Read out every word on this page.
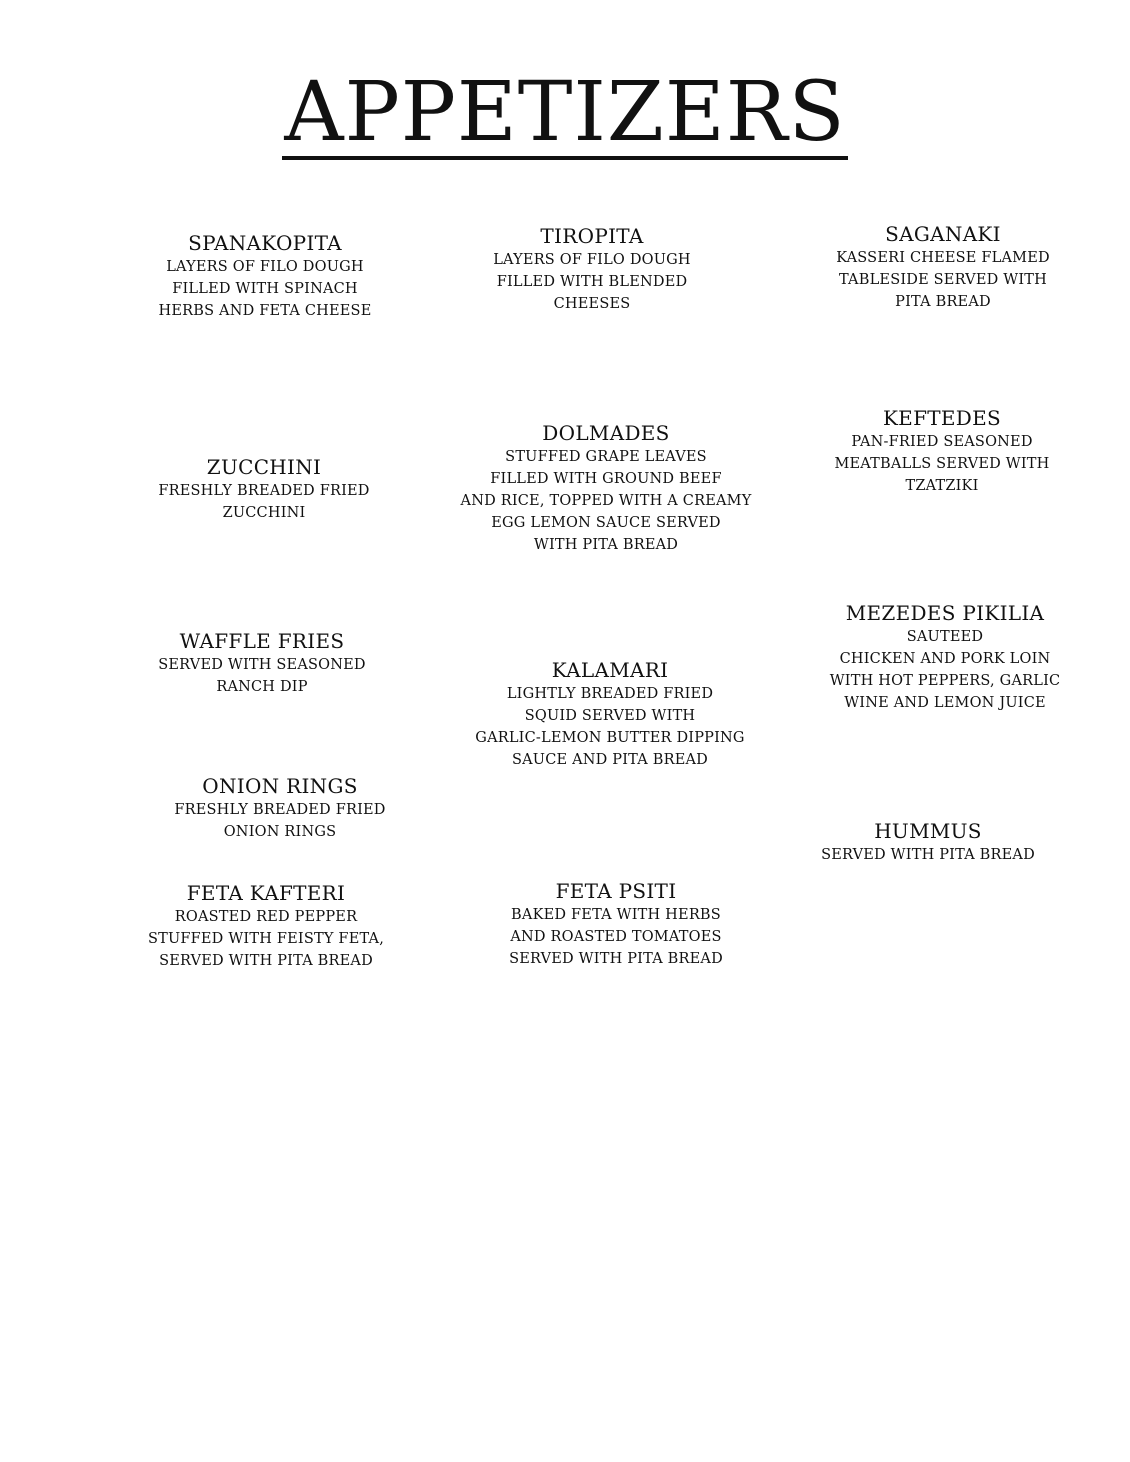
APPETIZERS
SPANAKOPITA
LAYERS OF FILO DOUGH
FILLED WITH SPINACH
HERBS AND FETA CHEESE
TIROPITA
LAYERS OF FILO DOUGH
FILLED WITH BLENDED
CHEESES
SAGANAKI
KASSERI CHEESE FLAMED
TABLESIDE SERVED WITH
PITA BREAD
ZUCCHINI
FRESHLY BREADED FRIED
ZUCCHINI
DOLMADES
STUFFED GRAPE LEAVES
FILLED WITH GROUND BEEF
AND RICE, TOPPED WITH A CREAMY
EGG LEMON SAUCE SERVED
WITH PITA BREAD
KEFTEDES
PAN-FRIED SEASONED
MEATBALLS SERVED WITH
TZATZIKI
WAFFLE FRIES
SERVED WITH SEASONED
RANCH DIP
KALAMARI
LIGHTLY BREADED FRIED
SQUID SERVED WITH
GARLIC-LEMON BUTTER DIPPING
SAUCE AND PITA BREAD
MEZEDES PIKILIA
SAUTEED
CHICKEN AND PORK LOIN
WITH HOT PEPPERS, GARLIC
WINE AND LEMON JUICE
ONION RINGS
FRESHLY BREADED FRIED
ONION RINGS	HUMMUS
SERVED WITH PITA BREAD
FETA KAFTERI
ROASTED RED PEPPER
STUFFED WITH FEISTY FETA,
SERVED WITH PITA BREAD
FETA PSITI
BAKED FETA WITH HERBS
AND ROASTED TOMATOES
SERVED WITH PITA BREAD
